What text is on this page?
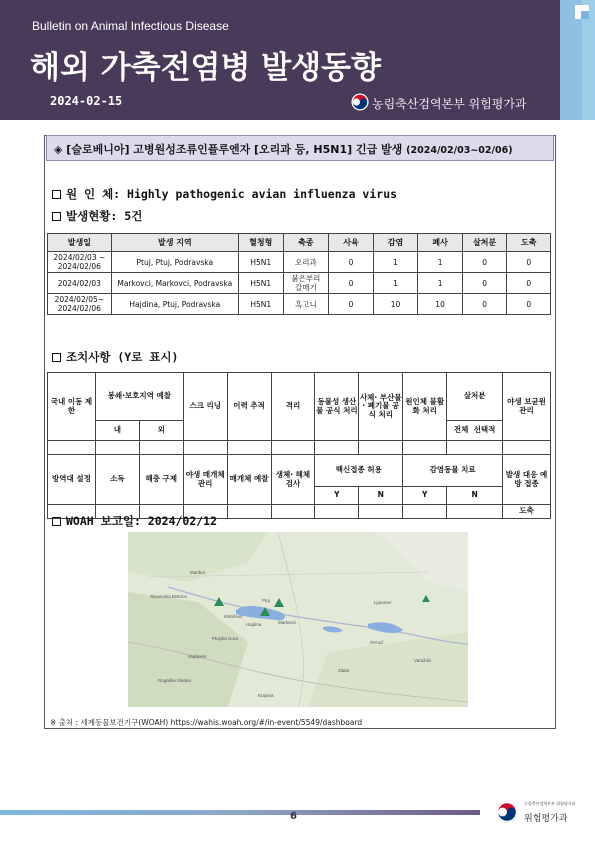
Bulletin on Animal Infectious Disease
해외 가축전염병 발생동향
2024-02-15	농림축산검역본부 위험평가과
◈ [슬로베니아] 고병원성조류인플루엔자 [오리과 등, H5N1] 긴급 발생 (2024/02/03~02/06)
원 인 체: Highly pathogenic avian influenza virus
발생현황: 5건
발생일	발생 지역	혈청형	축종	사육	감염	폐사	살처분	도축

2024/02/03 ~
2024/02/06	Ptuj, Ptuj, Podravska	H5N1	오리과	0	1	1	0	0

2024/02/03	Markovci, Markovci, Podravska	H5N1	붉은부리
갈매기	0	1	1	0	0

2024/02/05~
2024/02/06	Hajdina, Ptuj, Podravska	H5N1	흑고니	0	10	10	0	0
조치사항 (Y로 표시)
국내 이동 제한	봉쇄·보호지역 예찰		스크 리닝	이력 추적	격리	동물성 생산물 공식 처리	사체· 부산물· 폐기물 공식 처리	원인체 불활화 처리	살처분	야생 보균원 관리
	내	외							전체 선택적	

방역대 설정	소독	해충 구제	야생 매개체 관리	매개체 예찰	생체· 해체 검사	백신접종 허용		감염동물 치료		발생 대응 예방 접종
						Y	N	Y	N	
										도축
WOAH 보고일: 2024/02/12
Ptuj
Markovci
Hajdina
Maribor
Slovenska Bistrica
Ormož
Ljutomer
Varaždin
Ptujska Gora
Kidričevo
Majšperk
Rogaška Slatina
Krapina
Zlatar
※ 출처 : 세계동물보건기구(WOAH) https://wahis.woah.org/#/in-event/5549/dashboard
6
농림축산검역본부 위험평가과
위험평가과
